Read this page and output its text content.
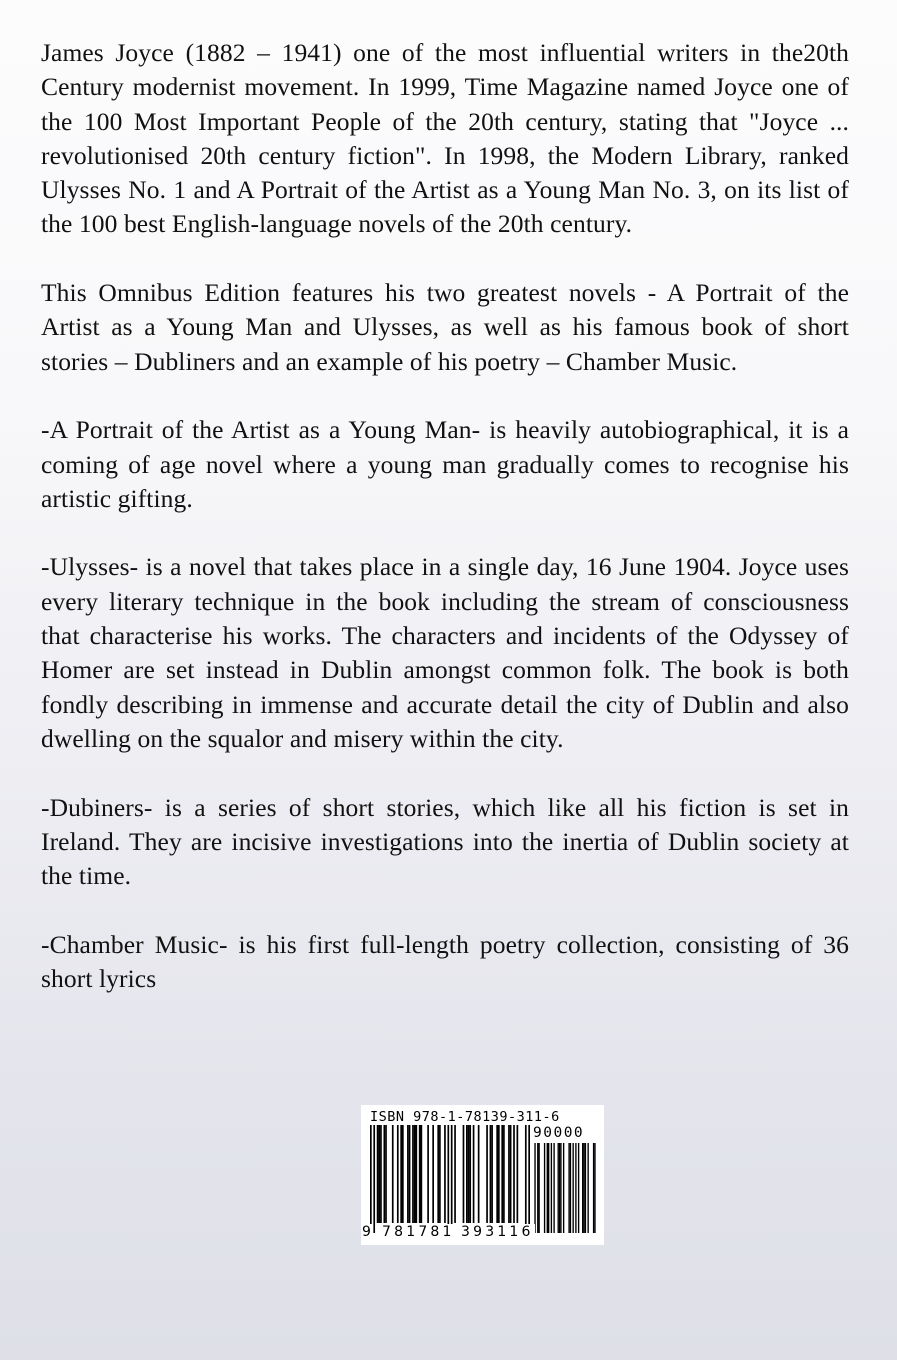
James Joyce (1882 – 1941) one of the most influential writers in the20th Century modernist movement. In 1999, Time Magazine named Joyce one of the 100 Most Important People of the 20th century, stating that "Joyce ... revolutionised 20th century fiction". In 1998, the Modern Library, ranked Ulysses No. 1 and A Portrait of the Artist as a Young Man No. 3, on its list of the 100 best English-language novels of the 20th century.

This Omnibus Edition features his two greatest novels - A Portrait of the Artist as a Young Man and Ulysses, as well as his famous book of short stories – Dubliners and an example of his poetry – Chamber Music.

-A Portrait of the Artist as a Young Man- is heavily autobiographical, it is a coming of age novel where a young man gradually comes to recognise his artistic gifting.

-Ulysses- is a novel that takes place in a single day, 16 June 1904. Joyce uses every literary technique in the book including the stream of consciousness that characterise his works. The characters and incidents of the Odyssey of Homer are set instead in Dublin amongst common folk. The book is both fondly describing in immense and accurate detail the city of Dublin and also dwelling on the squalor and misery within the city.

-Dubiners- is a series of short stories, which like all his fiction is set in Ireland. They are incisive investigations into the inertia of Dublin society at the time.

-Chamber Music- is his first full-length poetry collection, consisting of 36 short lyrics

ISBN 978-1-78139-311-6
90000
9 781781 393116
